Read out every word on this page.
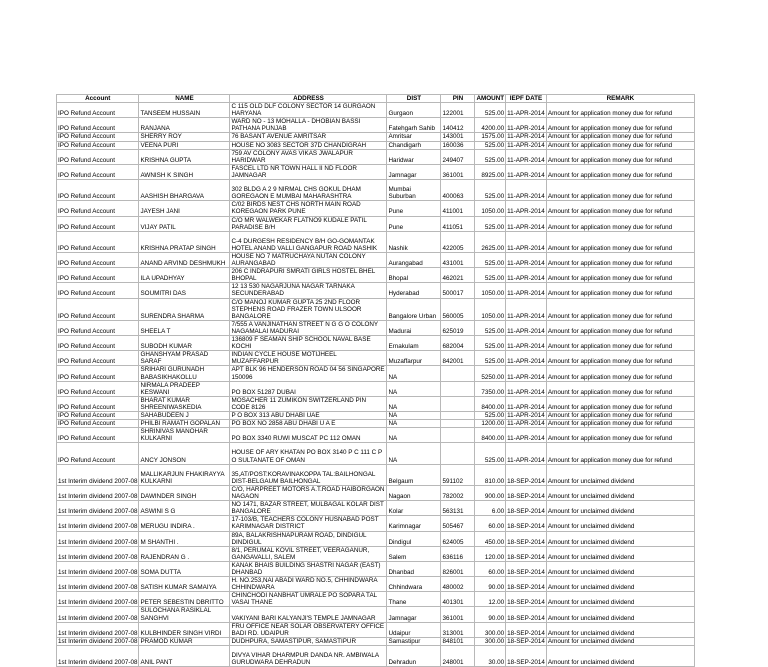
Account	NAME	ADDRESS	DIST	PIN	AMOUNT	IEPF DATE	REMARK
IPO Refund Account	TANSEEM HUSSAIN	C 115 OLD DLF COLONY SECTOR 14 GURGAON HARYANA	Gurgaon	122001	525.00	11-APR-2014	Amount for application money due for refund
IPO Refund Account	RANJANA	WARD NO - 13 MOHALLA - DHOBIAN BASSI PATHANA PUNJAB	Fatehgarh Sahib	140412	4200.00	11-APR-2014	Amount for application money due for refund
IPO Refund Account	SHERRY ROY	76 BASANT AVENUE AMRITSAR	Amritsar	143001	1575.00	11-APR-2014	Amount for application money due for refund
IPO Refund Account	VEENA PURI	HOUSE NO 3083 SECTOR 37D CHANDIGRAH	Chandigarh	160036	525.00	11-APR-2014	Amount for application money due for refund
IPO Refund Account	KRISHNA GUPTA	759 AV COLONY AVAS VIKAS JWALAPUR HARIDWAR	Haridwar	249407	525.00	11-APR-2014	Amount for application money due for refund
IPO Refund Account	AWNISH K SINGH	FASCEL LTD NR TOWN HALL II ND FLOOR JAMNAGAR	Jamnagar	361001	8925.00	11-APR-2014	Amount for application money due for refund
IPO Refund Account	AASHISH BHARGAVA	302 BLDG A 2 9 NIRMAL CHS GOKUL DHAM GOREGAON E MUMBAI MAHARASHTRA	Mumbai Suburban	400063	525.00	11-APR-2014	Amount for application money due for refund
IPO Refund Account	JAYESH JANI	C/02 BIRDS NEST CHS NORTH MAIN ROAD KOREGAON PARK PUNE	Pune	411001	1050.00	11-APR-2014	Amount for application money due for refund
IPO Refund Account	VIJAY PATIL	C/O MR WALWEKAR FLATNO9 KUDALE PATIL PARADISE B/H	Pune	411051	525.00	11-APR-2014	Amount for application money due for refund
IPO Refund Account	KRISHNA PRATAP SINGH	C-4 DURGESH RESIDENCY B/H GO-GOMANTAK HOTEL ANAND VALLI GANGAPUR ROAD NASHIK	Nashik	422005	2625.00	11-APR-2014	Amount for application money due for refund
IPO Refund Account	ANAND ARVIND DESHMUKH	HOUSE NO 7 MATRUCHAYA NUTAN COLONY AURANGABAD	Aurangabad	431001	525.00	11-APR-2014	Amount for application money due for refund
IPO Refund Account	ILA UPADHYAY	206 C INDRAPURI SMRATI GIRLS HOSTEL BHEL BHOPAL	Bhopal	462021	525.00	11-APR-2014	Amount for application money due for refund
IPO Refund Account	SOUMITRI DAS	12 13 530 NAGARJUNA NAGAR TARNAKA SECUNDERABAD	Hyderabad	500017	1050.00	11-APR-2014	Amount for application money due for refund
IPO Refund Account	SURENDRA SHARMA	C/O MANOJ KUMAR GUPTA 25 2ND FLOOR STEPHENS ROAD FRAZER TOWN ULSOOR BANGALORE	Bangalore Urban	560005	1050.00	11-APR-2014	Amount for application money due for refund
IPO Refund Account	SHEELA T	7/555 A VANJINATHAN STREET N G G O COLONY NAGAMALAI MADURAI	Madurai	625019	525.00	11-APR-2014	Amount for application money due for refund
IPO Refund Account	SUBODH KUMAR	136809 F SEAMAN SHIP SCHOOL NAVAL BASE KOCHI	Ernakulam	682004	525.00	11-APR-2014	Amount for application money due for refund
IPO Refund Account	GHANSHYAM PRASAD SARAF	INDIAN CYCLE HOUSE MOTIJHEEL MUZAFFARPUR	Muzaffarpur	842001	525.00	11-APR-2014	Amount for application money due for refund
IPO Refund Account	SRIHARI GURUNADH BABASIKHAKOLLU	APT BLK 96 HENDERSON ROAD 04 56 SINGAPORE 150096	NA		5250.00	11-APR-2014	Amount for application money due for refund
IPO Refund Account	NIRMALA PRADEEP KESWANI	PO BOX 51287 DUBAI	NA		7350.00	11-APR-2014	Amount for application money due for refund
IPO Refund Account	BHARAT KUMAR SHREENIWASKEDIA	MOSACHER 11 ZUMIKON SWITZERLAND PIN CODE 8126	NA		8400.00	11-APR-2014	Amount for application money due for refund
IPO Refund Account	SAHABUDEEN J	P O BOX 313 ABU DHABI UAE	NA		525.00	11-APR-2014	Amount for application money due for refund
IPO Refund Account	PHILBI RAMATH GOPALAN	PO BOX NO 2858 ABU DHABI U A E	NA		1200.00	11-APR-2014	Amount for application money due for refund
IPO Refund Account	SHRINIVAS MANOHAR KULKARNI	PO BOX 3340 RUWI MUSCAT PC 112 OMAN	NA		8400.00	11-APR-2014	Amount for application money due for refund
IPO Refund Account	ANCY JONSON	HOUSE OF ARY KHATAN PO BOX 3140 P C 111 C P O SULTANATE OF OMAN	NA		525.00	11-APR-2014	Amount for application money due for refund
1st Interim dividend 2007-08	MALLIKARJUN FHAKIRAYYA KULKARNI	35,AT/POST:KORAVINAKOPPA TAL:BAILHONGAL DIST-BELGAUM BAILHONGAL	Belgaum	591102	810.00	18-SEP-2014	Amount for unclaimed dividend
1st Interim dividend 2007-08	DAWINDER SINGH	C/O, HARPREET MOTORS A.T.ROAD HAIBORGAON NAGAON	Nagaon	782002	900.00	18-SEP-2014	Amount for unclaimed dividend
1st Interim dividend 2007-08	ASWINI S G	NO 1471, BAZAR STREET, MULBAGAL KOLAR DIST BANGALORE	Kolar	563131	6.00	18-SEP-2014	Amount for unclaimed dividend
1st Interim dividend 2007-08	MERUGU INDIRA .	17-103/B, TEACHERS COLONY HUSNABAD POST KARIMNAGAR DISTRICT	Karimnagar	505467	60.00	18-SEP-2014	Amount for unclaimed dividend
1st Interim dividend 2007-08	M SHANTHI .	89A, BALAKRISHNAPURAM ROAD, DINDIGUL DINDIGUL	Dindigul	624005	450.00	18-SEP-2014	Amount for unclaimed dividend
1st Interim dividend 2007-08	RAJENDRAN G .	8/1, PERUMAL KOVIL STREET, VEERAGANUR, GANGAVALLI, SALEM	Salem	636116	120.00	18-SEP-2014	Amount for unclaimed dividend
1st Interim dividend 2007-08	SOMA DUTTA	KANAK BHAIS BUILDING SHASTRI NAGAR (EAST) DHANBAD	Dhanbad	826001	60.00	18-SEP-2014	Amount for unclaimed dividend
1st Interim dividend 2007-08	SATISH KUMAR SAMAIYA	H. NO.253,NAI ABADI WARD NO.5, CHHINDWARA CHHINDWARA	Chhindwara	480002	90.00	18-SEP-2014	Amount for unclaimed dividend
1st Interim dividend 2007-08	PETER SEBESTIN DBRITTO	CHINCHODI NANBHAT UMRALE PO SOPARA TAL VASAI THANE	Thane	401301	12.00	18-SEP-2014	Amount for unclaimed dividend
1st Interim dividend 2007-08	SULOCHANA RASIKLAL SANGHVI	VAKIYANI BARI KALYANJI'S TEMPLE JAMNAGAR	Jamnagar	361001	90.00	18-SEP-2014	Amount for unclaimed dividend
1st Interim dividend 2007-08	KULBHINDER SINGH VIRDI	FRU OFFICE NEAR SOLAR OBSERVATERY OFFICE BADI RD. UDAIPUR	Udaipur	313001	300.00	18-SEP-2014	Amount for unclaimed dividend
1st Interim dividend 2007-08	PRAMOD KUMAR	DUDHPURA, SAMASTIPUR, SAMASTIPUR	Samastipur	848101	300.00	18-SEP-2014	Amount for unclaimed dividend
1st Interim dividend 2007-08	ANIL PANT	DIVYA VIHAR DHARMPUR DANDA NR. AMBIWALA GURUDWARA DEHRADUN	Dehradun	248001	30.00	18-SEP-2014	Amount for unclaimed dividend
